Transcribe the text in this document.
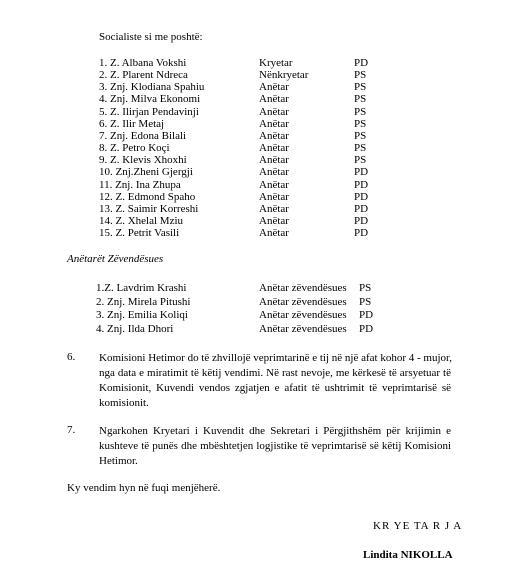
Socialiste si me poshtë:
1. Z. Albana Vokshi	Kryetar	PD
2. Z. Plarent Ndreca	Nënkryetar	PS
3. Znj. Klodiana Spahiu	Anëtar	PS
4. Znj. Milva Ekonomi	Anëtar	PS
5. Z. Ilirjan Pendavinji	Anëtar	PS
6. Z. Ilir Metaj	Anëtar	PS
7. Znj. Edona Bilali	Anëtar	PS
8. Z. Petro Koçi	Anëtar	PS
9. Z. Klevis Xhoxhi	Anëtar	PS
10. Znj.Zheni Gjergji	Anëtar	PD
11. Znj. Ina Zhupa	Anëtar	PD
12. Z. Edmond Spaho	Anëtar	PD
13. Z. Saimir Korreshi	Anëtar	PD
14. Z. Xhelal Mziu	Anëtar	PD
15. Z. Petrit Vasili	Anëtar	PD
Anëtarët Zëvendësues
1.Z. Lavdrim Krashi	Anëtar zëvendësues PS
2. Znj. Mirela Pitushi	Anëtar zëvendësues PS
3. Znj. Emilia Koliqi	Anëtar zëvendësues PD
4. Znj. Ilda Dhori	Anëtar zëvendësues PD
6. Komisioni Hetimor do të zhvillojë veprimtarinë e tij në një afat kohor 4 - mujor,
nga data e miratimit të këtij vendimi. Në rast nevoje, me kërkesë të arsyetuar të
Komisionit, Kuvendi vendos zgjatjen e afatit të ushtrimit të veprimtarisë së
komisionit.
7. Ngarkohen Kryetari i Kuvendit dhe Sekretari i Përgjithshëm për krijimin e
kushteve të punës dhe mbështetjen logjistike të veprimtarisë së këtij Komisioni
Hetimor.
Ky vendim hyn në fuqi menjëherë.
KR YE TA R J A
Lindita NIKOLLA
